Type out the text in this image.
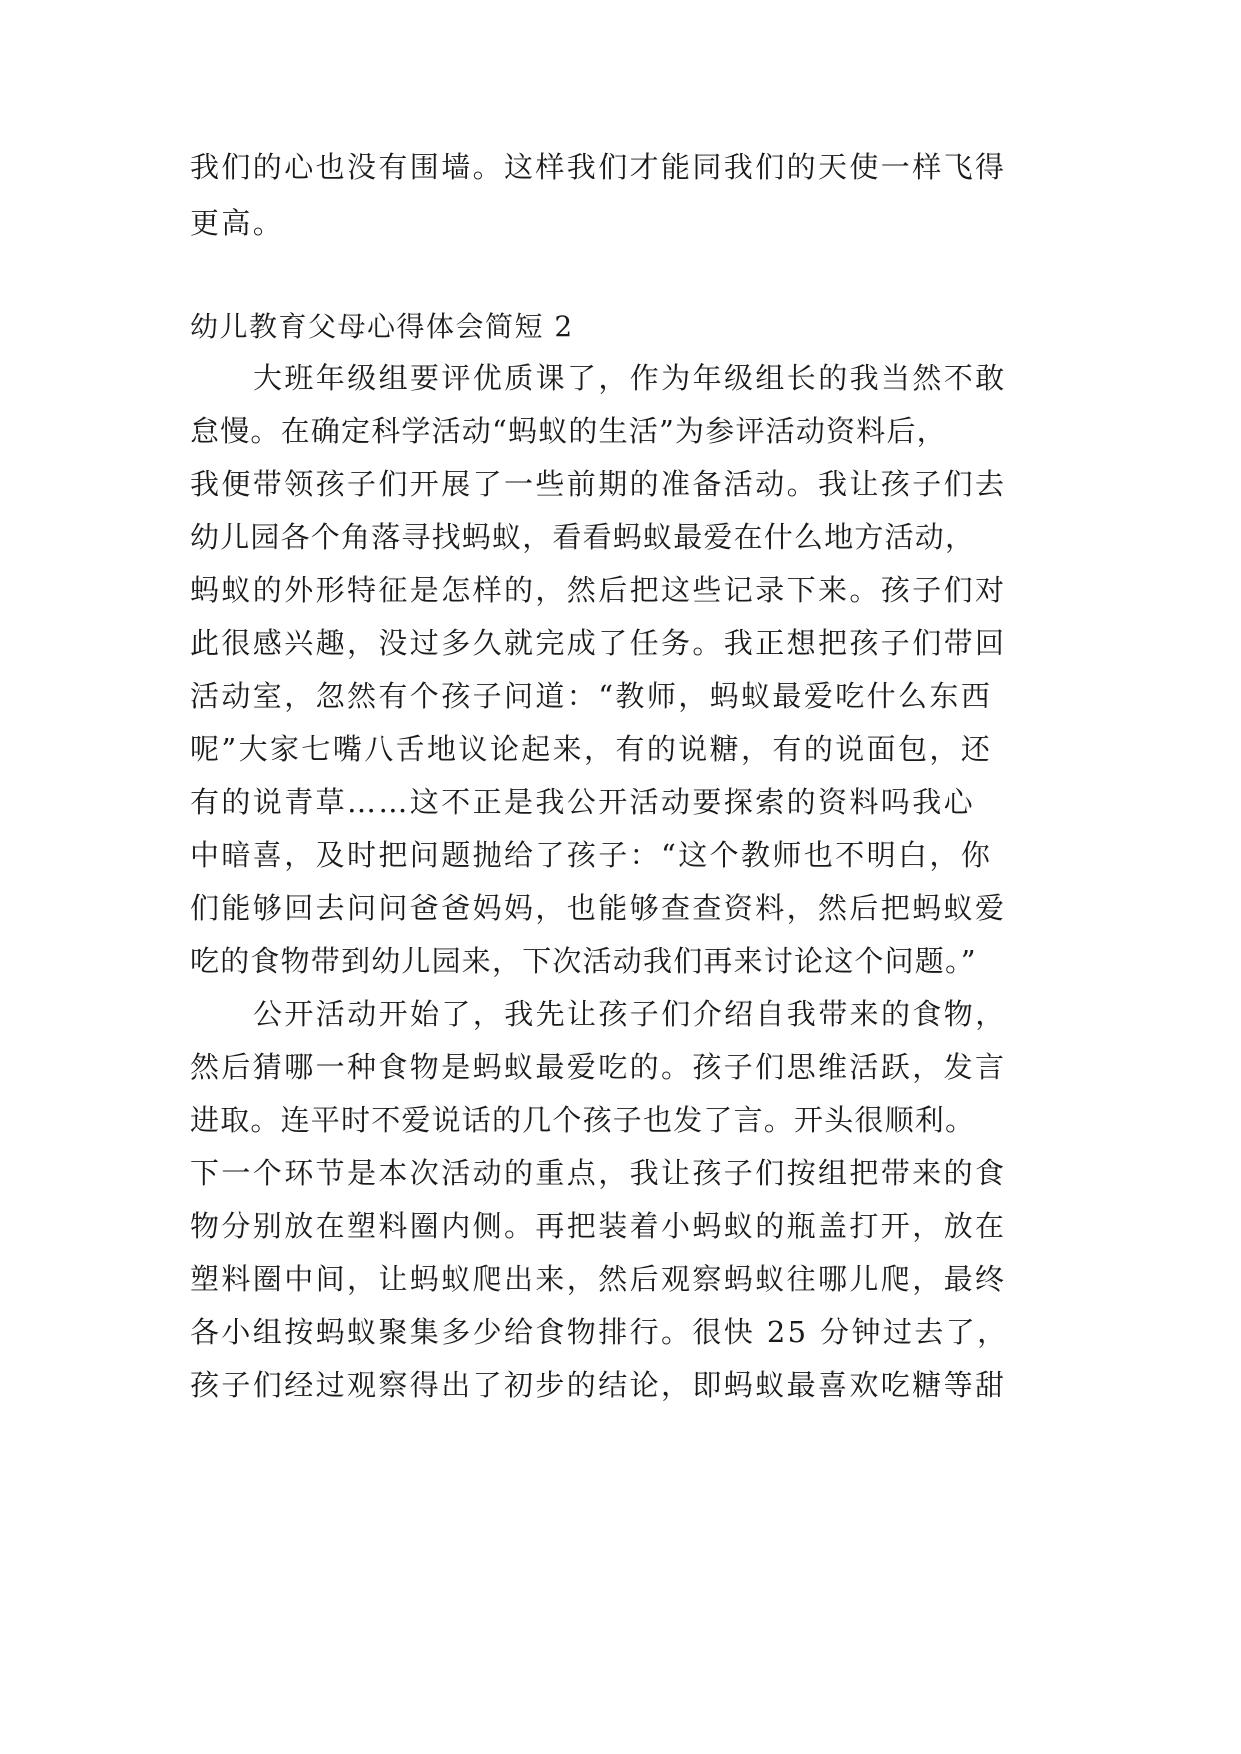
我们的心也没有围墙。这样我们才能同我们的天使一样飞得
更高。
幼儿教育父母心得体会简短 2
大班年级组要评优质课了，作为年级组长的我当然不敢
怠慢。在确定科学活动“蚂蚁的生活”为参评活动资料后，
我便带领孩子们开展了一些前期的准备活动。我让孩子们去
幼儿园各个角落寻找蚂蚁，看看蚂蚁最爱在什么地方活动，
蚂蚁的外形特征是怎样的，然后把这些记录下来。孩子们对
此很感兴趣，没过多久就完成了任务。我正想把孩子们带回
活动室，忽然有个孩子问道：“教师，蚂蚁最爱吃什么东西
呢”大家七嘴八舌地议论起来，有的说糖，有的说面包，还
有的说青草……这不正是我公开活动要探索的资料吗我心
中暗喜，及时把问题抛给了孩子：“这个教师也不明白，你
们能够回去问问爸爸妈妈，也能够查查资料，然后把蚂蚁爱
吃的食物带到幼儿园来，下次活动我们再来讨论这个问题。”
公开活动开始了，我先让孩子们介绍自我带来的食物，
然后猜哪一种食物是蚂蚁最爱吃的。孩子们思维活跃，发言
进取。连平时不爱说话的几个孩子也发了言。开头很顺利。
下一个环节是本次活动的重点，我让孩子们按组把带来的食
物分别放在塑料圈内侧。再把装着小蚂蚁的瓶盖打开，放在
塑料圈中间，让蚂蚁爬出来，然后观察蚂蚁往哪儿爬，最终
各小组按蚂蚁聚集多少给食物排行。很快 25 分钟过去了，
孩子们经过观察得出了初步的结论，即蚂蚁最喜欢吃糖等甜
